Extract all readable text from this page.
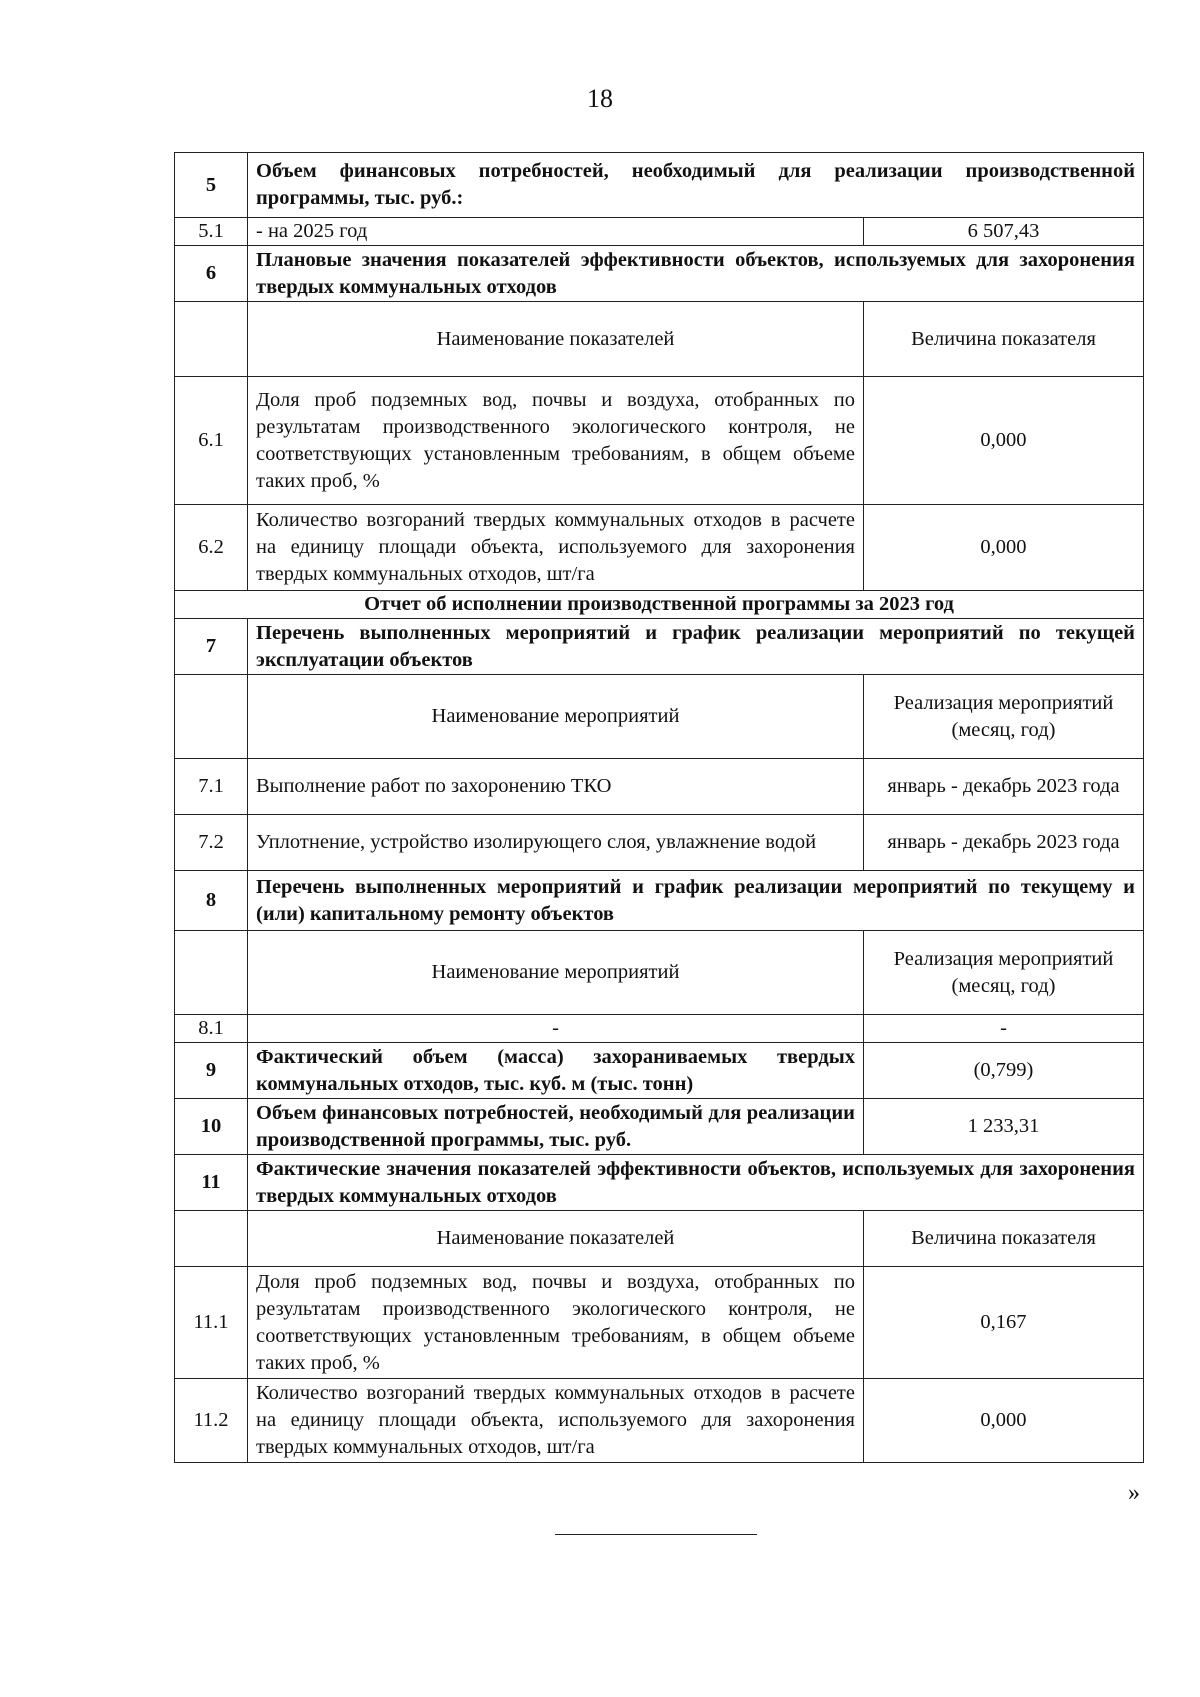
18
5	Объем финансовых потребностей, необходимый для реализации производственной программы, тыс. руб.:	
5.1	- на 2025 год	6 507,43
6	Плановые значения показателей эффективности объектов, используемых для захоронения твердых коммунальных отходов	
	Наименование показателей	Величина показателя
6.1	Доля проб подземных вод, почвы и воздуха, отобранных по результатам производственного экологического контроля, не соответствующих установленным требованиям, в общем объеме таких проб, %	0,000
6.2	Количество возгораний твердых коммунальных отходов в расчете на единицу площади объекта, используемого для захоронения твердых коммунальных отходов, шт/га	0,000
Отчет об исполнении производственной программы за 2023 год		
7	Перечень выполненных мероприятий и график реализации мероприятий по текущей эксплуатации объектов	
	Наименование мероприятий	Реализация мероприятий (месяц, год)
7.1	Выполнение работ по захоронению ТКО	январь - декабрь 2023 года
7.2	Уплотнение, устройство изолирующего слоя, увлажнение водой	январь - декабрь 2023 года
8	Перечень выполненных мероприятий и график реализации мероприятий по текущему и (или) капитальному ремонту объектов	
	Наименование мероприятий	Реализация мероприятий (месяц, год)
8.1	-	-
9	Фактический объем (масса) захораниваемых твердых коммунальных отходов, тыс. куб. м (тыс. тонн)	(0,799)
10	Объем финансовых потребностей, необходимый для реализации производственной программы, тыс. руб.	1 233,31
11	Фактические значения показателей эффективности объектов, используемых для захоронения твердых коммунальных отходов	
	Наименование показателей	Величина показателя
11.1	Доля проб подземных вод, почвы и воздуха, отобранных по результатам производственного экологического контроля, не соответствующих установленным требованиям, в общем объеме таких проб, %	0,167
11.2	Количество возгораний твердых коммунальных отходов в расчете на единицу площади объекта, используемого для захоронения твердых коммунальных отходов, шт/га	0,000
»
